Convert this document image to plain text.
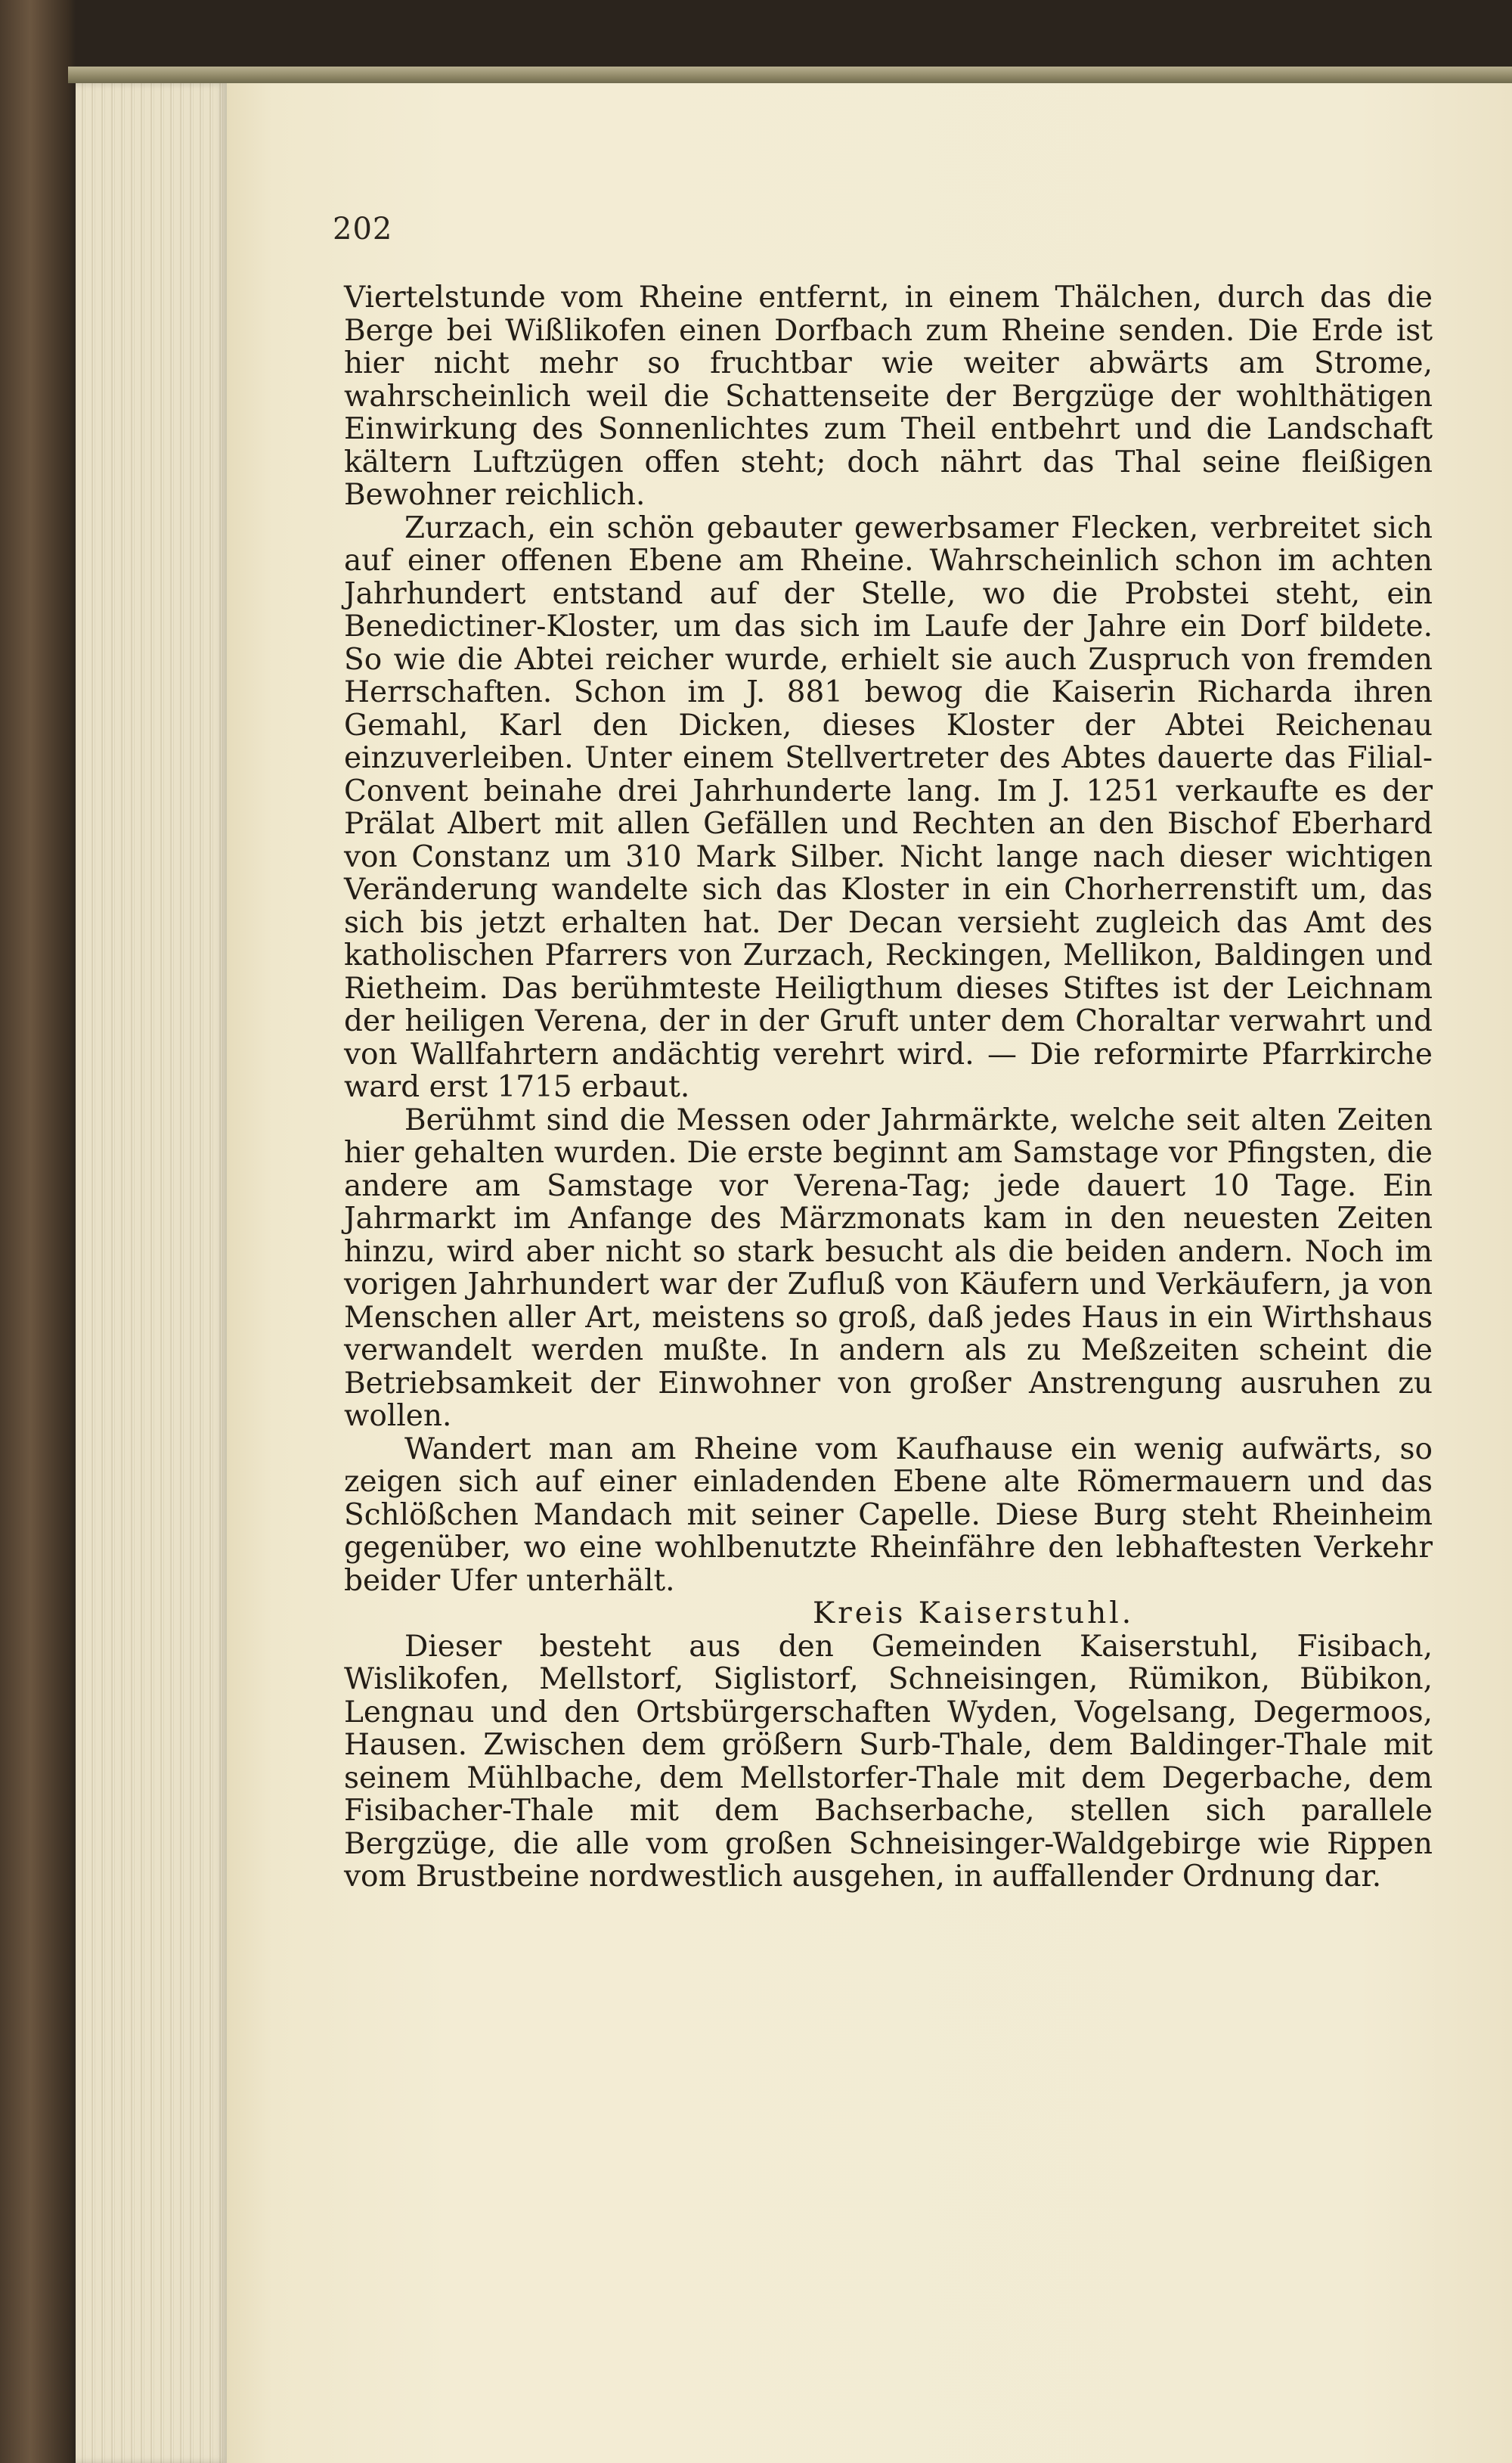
202

Viertelstunde vom Rheine entfernt, in einem Thälchen, durch das die Berge bei Wißlikofen einen Dorfbach zum Rheine senden. Die Erde ist hier nicht mehr so fruchtbar wie weiter abwärts am Strome, wahrscheinlich weil die Schattenseite der Bergzüge der wohlthätigen Einwirkung des Sonnenlichtes zum Theil entbehrt und die Landschaft kältern Luftzügen offen steht; doch nährt das Thal seine fleißigen Bewohner reichlich.

Zurzach, ein schön gebauter gewerbsamer Flecken, verbreitet sich auf einer offenen Ebene am Rheine. Wahrscheinlich schon im achten Jahrhundert entstand auf der Stelle, wo die Probstei steht, ein Benedictiner-Kloster, um das sich im Laufe der Jahre ein Dorf bildete. So wie die Abtei reicher wurde, erhielt sie auch Zuspruch von fremden Herrschaften. Schon im J. 881 bewog die Kaiserin Richarda ihren Gemahl, Karl den Dicken, dieses Kloster der Abtei Reichenau einzuverleiben. Unter einem Stellvertreter des Abtes dauerte das Filial-Convent beinahe drei Jahrhunderte lang. Im J. 1251 verkaufte es der Prälat Albert mit allen Gefällen und Rechten an den Bischof Eberhard von Constanz um 310 Mark Silber. Nicht lange nach dieser wichtigen Veränderung wandelte sich das Kloster in ein Chorherrenstift um, das sich bis jetzt erhalten hat. Der Decan versieht zugleich das Amt des katholischen Pfarrers von Zurzach, Reckingen, Mellikon, Baldingen und Rietheim. Das berühmteste Heiligthum dieses Stiftes ist der Leichnam der heiligen Verena, der in der Gruft unter dem Choraltar verwahrt und von Wallfahrtern andächtig verehrt wird. — Die reformirte Pfarrkirche ward erst 1715 erbaut.

Berühmt sind die Messen oder Jahrmärkte, welche seit alten Zeiten hier gehalten wurden. Die erste beginnt am Samstage vor Pfingsten, die andere am Samstage vor Verena-Tag; jede dauert 10 Tage. Ein Jahrmarkt im Anfange des Märzmonats kam in den neuesten Zeiten hinzu, wird aber nicht so stark besucht als die beiden andern. Noch im vorigen Jahrhundert war der Zufluß von Käufern und Verkäufern, ja von Menschen aller Art, meistens so groß, daß jedes Haus in ein Wirthshaus verwandelt werden mußte. In andern als zu Meßzeiten scheint die Betriebsamkeit der Einwohner von großer Anstrengung ausruhen zu wollen.

Wandert man am Rheine vom Kaufhause ein wenig aufwärts, so zeigen sich auf einer einladenden Ebene alte Römermauern und das Schlößchen Mandach mit seiner Capelle. Diese Burg steht Rheinheim gegenüber, wo eine wohlbenutzte Rheinfähre den lebhaftesten Verkehr beider Ufer unterhält.

Kreis Kaiserstuhl.

Dieser besteht aus den Gemeinden Kaiserstuhl, Fisibach, Wislikofen, Mellstorf, Siglistorf, Schneisingen, Rümikon, Bübikon, Lengnau und den Ortsbürgerschaften Wyden, Vogelsang, Degermoos, Hausen. Zwischen dem größern Surb-Thale, dem Baldinger-Thale mit seinem Mühlbache, dem Mellstorfer-Thale mit dem Degerbache, dem Fisibacher-Thale mit dem Bachserbache, stellen sich parallele Bergzüge, die alle vom großen Schneisinger-Waldgebirge wie Rippen vom Brustbeine nordwestlich ausgehen, in auffallender Ordnung dar.
